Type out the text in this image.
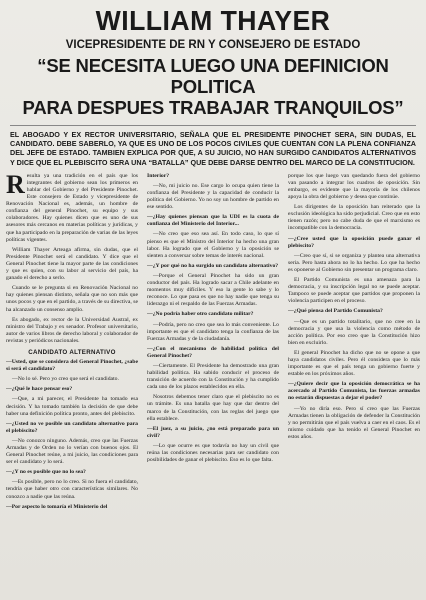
WILLIAM THAYER
VICEPRESIDENTE DE RN Y CONSEJERO DE ESTADO
“SE NECESITA LUEGO UNA DEFINICION POLITICA
PARA DESPUES TRABAJAR TRANQUILOS”
EL ABOGADO Y EX RECTOR UNIVERSITARIO, SEÑALA QUE EL PRESIDENTE PINOCHET SERA, SIN DUDAS, EL CANDIDATO. DEBE SABERLO, YA QUE ES UNO DE LOS POCOS CIVILES QUE CUENTAN CON LA PLENA CONFIANZA DEL JEFE DE ESTADO. TAMBIEN EXPLICA POR QUE, A SU JUICIO, NO HAN SURGIDO CANDIDATOS ALTERNATIVOS Y DICE QUE EL PLEBISCITO SERA UNA “BATALLA” QUE DEBE DARSE DENTRO DEL MARCO DE LA CONSTITUCION.

Resulta ya una tradición en el país que los integrantes del gobierno sean los primeros en hablar del Gobierno y del Presidente Pinochet. Este consejero de Estado y vicepresidente de Renovación Nacional es, además, un hombre de confianza del general Pinochet, su equipo y sus colaboradores. Hay quienes dicen que es uno de sus asesores más cercanos en materias políticas y jurídicas, y que ha participado en la preparación de varias de las leyes políticas vigentes.

William Thayer Arteaga afirma, sin dudas, que el Presidente Pinochet será el candidato. Y dice que el General Pinochet tiene la mayor parte de las condiciones y que es quien, con su labor al servicio del país, ha ganado el derecho a serlo.

Cuando se le pregunta si en Renovación Nacional no hay quienes piensan distinto, señala que no son más que unos pocos y que en el partido, a través de su directiva, se ha alcanzado un consenso amplio.

Es abogado, ex rector de la Universidad Austral, ex ministro del Trabajo y ex senador. Profesor universitario, autor de varios libros de derecho laboral y colaborador de revistas y periódicos nacionales.

CANDIDATO ALTERNATIVO

—Usted, que se considera del General Pinochet, ¿sabe si será el candidato?

—No lo sé. Pero yo creo que será el candidato.

—¿Qué le hace pensar eso?

—Que, a mi parecer, el Presidente ha tomado esa decisión. Y ha tomado también la decisión de que debe haber una definición política pronto, antes del plebiscito.

—¿Usted no ve posible un candidato alternativo para el plebiscito?

—No conozco ninguno. Además, creo que las Fuerzas Armadas y de Orden no lo verían con buenos ojos. El General Pinochet reúne, a mi juicio, las condiciones para ser el candidato y lo será.

—¿Y no es posible que no lo sea?

—Es posible, pero no lo creo. Si no fuera el candidato, tendría que haber otro con características similares. No conozco a nadie que las reúna.

—Por aspecto lo tomaría el Ministerio del

Interior?

—No, mi juicio no. Ese cargo lo ocupa quien tiene la confianza del Presidente y la capacidad de conducir la política del Gobierno. Yo no soy un hombre de partido en ese sentido.

—¿Hay quienes piensan que la UDI es la cuota de confianza del Ministerio del Interior...

—No creo que eso sea así. En todo caso, lo que sí pienso es que el Ministro del Interior ha hecho una gran labor. Ha logrado que el Gobierno y la oposición se sienten a conversar sobre temas de interés nacional.

—¿Y por qué no ha surgido un candidato alternativo?

—Porque el General Pinochet ha sido un gran conductor del país. Ha logrado sacar a Chile adelante en momentos muy difíciles. Y eso la gente lo sabe y lo reconoce. Lo que pasa es que no hay nadie que tenga su liderazgo ni el respaldo de las Fuerzas Armadas.

—¿No podría haber otro candidato militar?

—Podría, pero no creo que sea lo más conveniente. Lo importante es que el candidato tenga la confianza de las Fuerzas Armadas y de la ciudadanía.

—¿Con el mecanismo de habilidad política del General Pinochet?

—Ciertamente. El Presidente ha demostrado una gran habilidad política. Ha sabido conducir el proceso de transición de acuerdo con la Constitución y ha cumplido cada uno de los plazos establecidos en ella.

Nosotros debemos tener claro que el plebiscito no es un trámite. Es una batalla que hay que dar dentro del marco de la Constitución, con las reglas del juego que ella establece.

—El juez, a su juicio, ¿no está preparado para un civil?

—Lo que ocurre es que todavía no hay un civil que reúna las condiciones necesarias para ser candidato con posibilidades de ganar el plebiscito. Eso es lo que falta.

porque los que luego van quedando fuera del gobierno van pasando a integrar los cuadros de oposición. Sin embargo, es evidente que la mayoría de los chilenos apoya la obra del gobierno y desea que continúe.

Los dirigentes de la oposición han reiterado que la exclusión ideológica ha sido perjudicial. Creo que en esto tienen razón; pero no cabe duda de que el marxismo es incompatible con la democracia.

—¿Cree usted que la oposición puede ganar el plebiscito?

—Creo que sí, si se organiza y plantea una alternativa seria. Pero hasta ahora no lo ha hecho. Lo que ha hecho es oponerse al Gobierno sin presentar un programa claro.

El Partido Comunista es una amenaza para la democracia, y su inscripción legal no se puede aceptar. Tampoco se puede aceptar que partidos que proponen la violencia participen en el proceso.

—¿Qué piensa del Partido Comunista?

—Que es un partido totalitario, que no cree en la democracia y que usa la violencia como método de acción política. Por eso creo que la Constitución hizo bien en excluirlo.

El general Pinochet ha dicho que no se opone a que haya candidatos civiles. Pero él considera que lo más importante es que el país tenga un gobierno fuerte y estable en los próximos años.

—¿Quiere decir que la oposición democrática se ha acercado al Partido Comunista, las fuerzas armadas no estarán dispuestas a dejar el poder?

—Yo no diría eso. Pero sí creo que las Fuerzas Armadas tienen la obligación de defender la Constitución y no permitirán que el país vuelva a caer en el caos. Es el mismo cuidado que ha tenido el General Pinochet en estos años.
